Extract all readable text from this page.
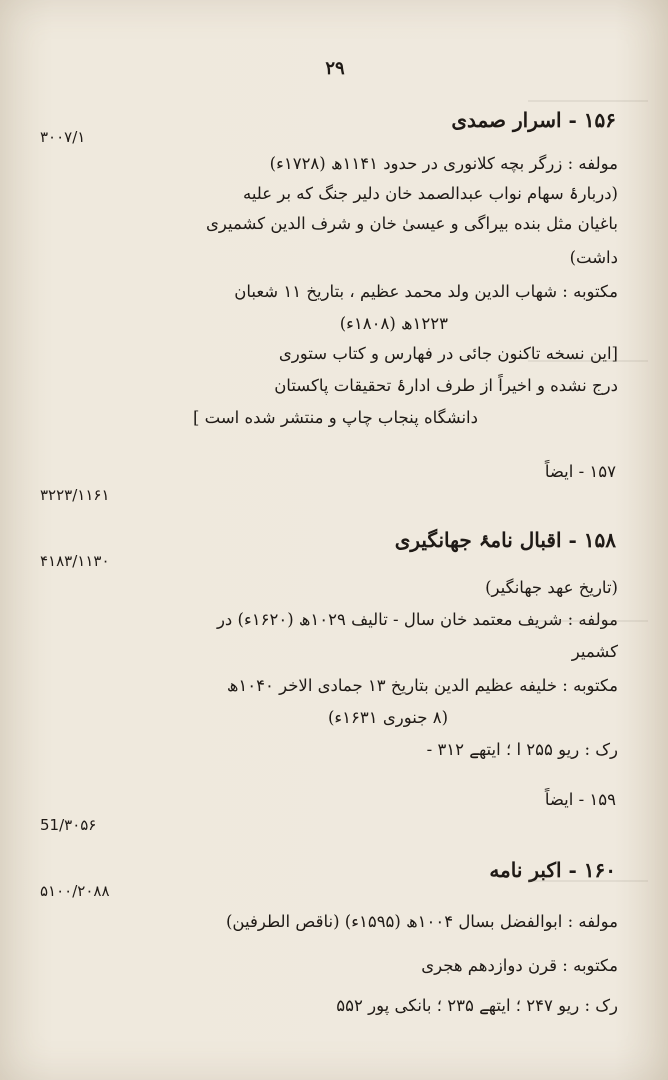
۲۹
۱۵۶ - اسرار صمدی
۳۰۰۷/۱
مولفه : زرگر بچه کلانوری در حدود ۱۱۴۱ھ (۱۷۲۸ء)
(دربارۂ سهام نواب عبدالصمد خان دلیر جنگ که بر علیه
باغیان مثل بنده بیراگی و عیسیٰ خان و شرف الدین کشمیری
داشت)
مکتوبه : شهاب الدین ولد محمد عظیم ، بتاریخ ۱۱ شعبان
۱۲۲۳ھ (۱۸۰۸ء)
[این نسخه تاکنون جائی در فهارس و کتاب ستوری
درج نشده و اخیراً از طرف ادارۂ تحقیقات پاکستان
دانشگاه پنجاب چاپ و منتشر شده است ]
۱۵۷ - ایضاً
۳۲۲۳/۱۱۶۱
۱۵۸ - اقبال نامۂ جهانگیری
۴۱۸۳/۱۱۳۰
(تاریخ عهد جهانگیر)
مولفه : شریف معتمد خان سال - تالیف ۱۰۲۹ھ (۱۶۲۰ء) در
کشمیر
مکتوبه : خلیفه عظیم الدین بتاریخ ۱۳ جمادی الاخر ۱۰۴۰ھ
(۸ جنوری ۱۶۳۱ء)
رک : ریو ۲۵۵ ا ؛ ایتهے ۳۱۲ -
۱۵۹ - ایضاً
51/۳۰۵۶
۱۶۰ - اکبر نامه
۵۱۰۰/۲۰۸۸
مولفه : ابوالفضل بسال ۱۰۰۴ھ (۱۵۹۵ء) (ناقص الطرفین)
مکتوبه : قرن دوازدهم هجری
رک : ریو ۲۴۷ ؛ ایتهے ۲۳۵ ؛ بانکی پور ۵۵۲
